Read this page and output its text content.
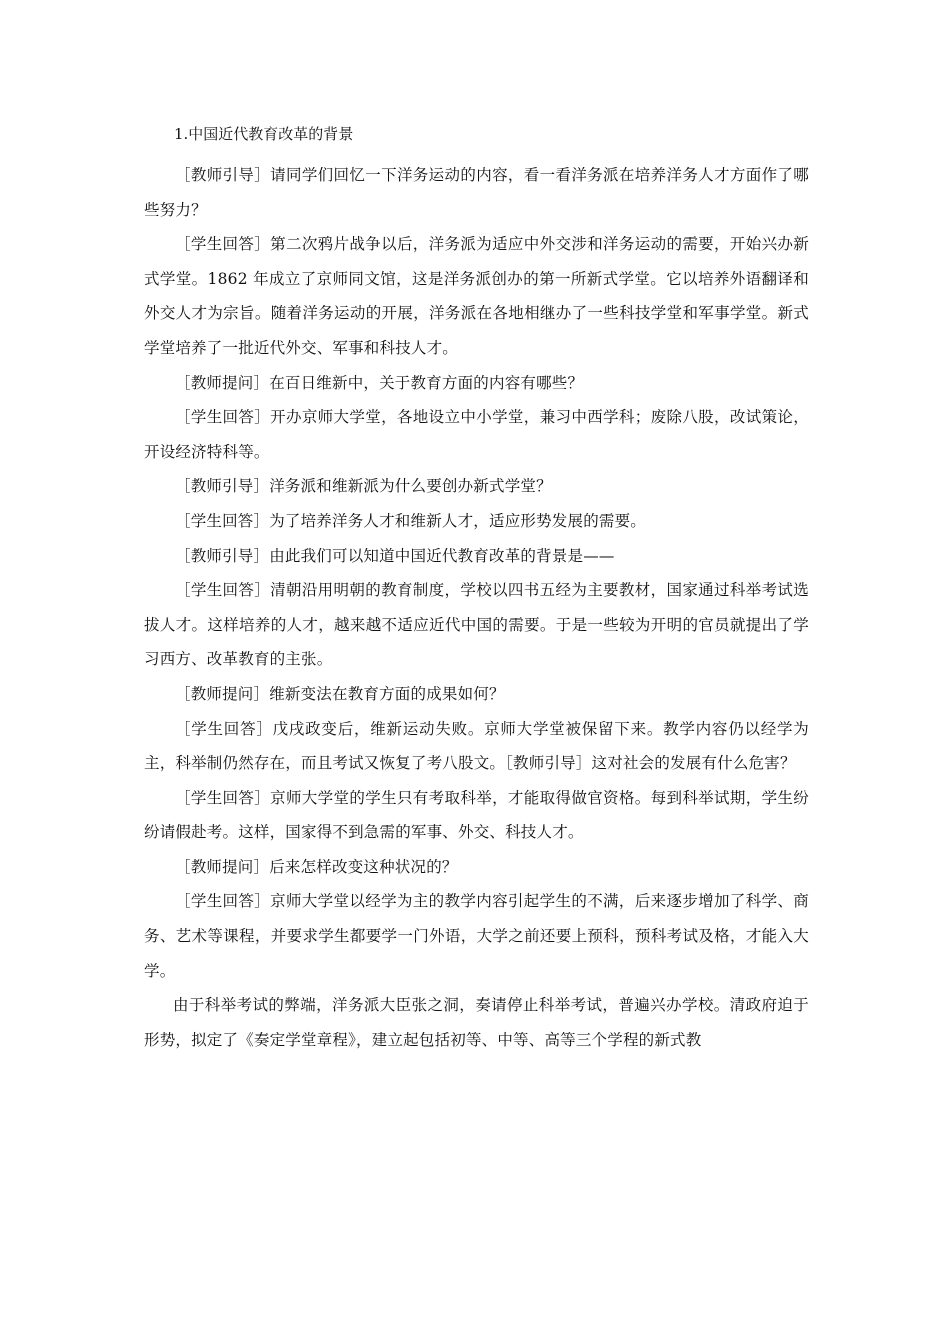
1.中国近代教育改革的背景

［教师引导］请同学们回忆一下洋务运动的内容，看一看洋务派在培养洋务人才方面作了哪些努力？

［学生回答］第二次鸦片战争以后，洋务派为适应中外交涉和洋务运动的需要，开始兴办新式学堂。1862 年成立了京师同文馆，这是洋务派创办的第一所新式学堂。它以培养外语翻译和外交人才为宗旨。随着洋务运动的开展，洋务派在各地相继办了一些科技学堂和军事学堂。新式学堂培养了一批近代外交、军事和科技人才。

［教师提问］在百日维新中，关于教育方面的内容有哪些？

［学生回答］开办京师大学堂，各地设立中小学堂，兼习中西学科；废除八股，改试策论，开设经济特科等。

［教师引导］洋务派和维新派为什么要创办新式学堂？

［学生回答］为了培养洋务人才和维新人才，适应形势发展的需要。

［教师引导］由此我们可以知道中国近代教育改革的背景是——

［学生回答］清朝沿用明朝的教育制度，学校以四书五经为主要教材，国家通过科举考试选拔人才。这样培养的人才，越来越不适应近代中国的需要。于是一些较为开明的官员就提出了学习西方、改革教育的主张。

［教师提问］维新变法在教育方面的成果如何？

［学生回答］戊戌政变后，维新运动失败。京师大学堂被保留下来。教学内容仍以经学为主，科举制仍然存在，而且考试又恢复了考八股文。［教师引导］这对社会的发展有什么危害？

［学生回答］京师大学堂的学生只有考取科举，才能取得做官资格。每到科举试期，学生纷纷请假赴考。这样，国家得不到急需的军事、外交、科技人才。

［教师提问］后来怎样改变这种状况的？

［学生回答］京师大学堂以经学为主的教学内容引起学生的不满，后来逐步增加了科学、商务、艺术等课程，并要求学生都要学一门外语，大学之前还要上预科，预科考试及格，才能入大学。

由于科举考试的弊端，洋务派大臣张之洞，奏请停止科举考试，普遍兴办学校。清政府迫于形势，拟定了《奏定学堂章程》，建立起包括初等、中等、高等三个学程的新式教
